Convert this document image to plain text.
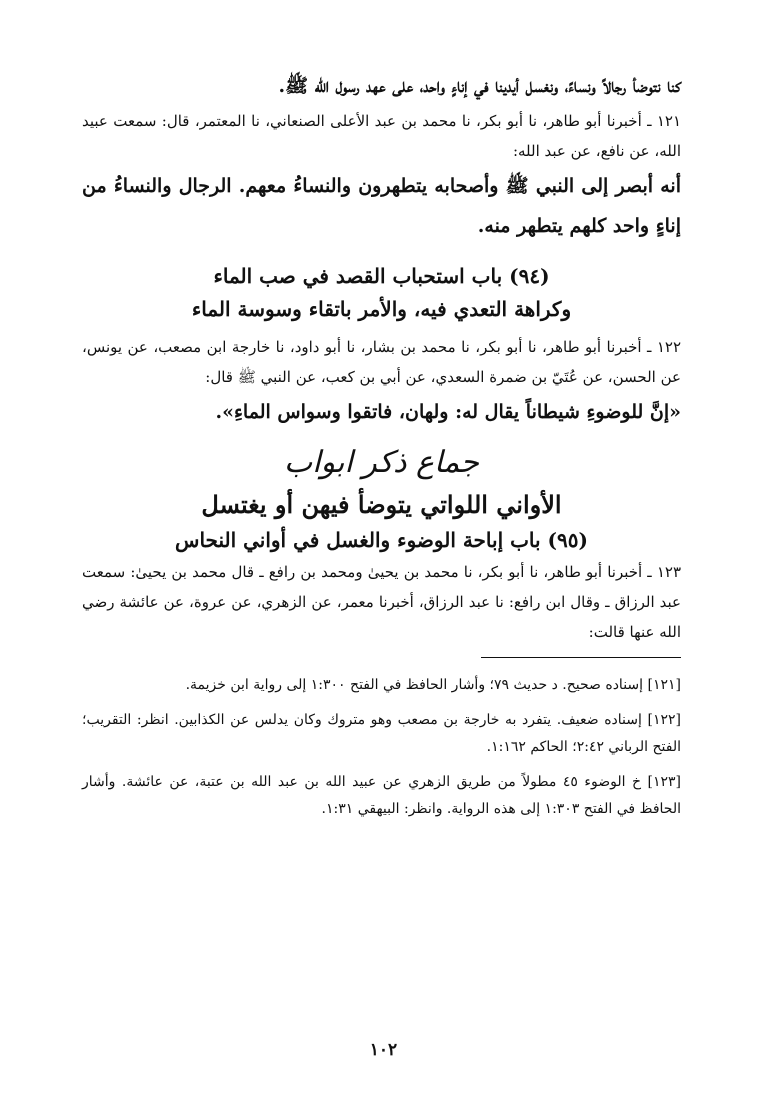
كنا نتوضأ رجالاً ونساءً، ونغسل أيدينا في إناءٍ واحد، على عهد رسول الله ﷺ.

١٢١ ـ أخبرنا أبو طاهر، نا أبو بكر، نا محمد بن عبد الأعلى الصنعاني، نا المعتمر، قال: سمعت عبيد الله، عن نافع، عن عبد الله:

أنه أبصر إلى النبي ﷺ وأصحابه يتطهرون والنساءُ معهم. الرجال والنساءُ من إناءٍ واحد كلهم يتطهر منه.

(٩٤) باب استحباب القصد في صب الماء

وكراهة التعدي فيه، والأمر باتقاء وسوسة الماء

١٢٢ ـ أخبرنا أبو طاهر، نا أبو بكر، نا محمد بن بشار، نا أبو داود، نا خارجة ابن مصعب، عن يونس، عن الحسن، عن عُتَيّ بن ضمرة السعدي، عن أبي بن كعب، عن النبي ﷺ قال:

«إنَّ للوضوءِ شيطاناً يقال له: ولهان، فاتقوا وسواس الماءِ».

جماع ذكر ابواب

الأواني اللواتي يتوضأ فيهن أو يغتسل

(٩٥) باب إباحة الوضوء والغسل في أواني النحاس

١٢٣ ـ أخبرنا أبو طاهر، نا أبو بكر، نا محمد بن يحيىٰ ومحمد بن رافع ـ قال محمد بن يحيىٰ: سمعت عبد الرزاق ـ وقال ابن رافع: نا عبد الرزاق، أخبرنا معمر، عن الزهري، عن عروة، عن عائشة رضي الله عنها قالت:

[١٢١] إسناده صحيح. د حديث ٧٩؛ وأشار الحافظ في الفتح ١:٣٠٠ إلى رواية ابن خزيمة.

[١٢٢] إسناده ضعيف. يتفرد به خارجة بن مصعب وهو متروك وكان يدلس عن الكذابين. انظر: التقريب؛ الفتح الرباني ٢:٤٢؛ الحاكم ١:١٦٢.

[١٢٣] خ الوضوء ٤٥ مطولاً من طريق الزهري عن عبيد الله بن عبد الله بن عتبة، عن عائشة. وأشار الحافظ في الفتح ١:٣٠٣ إلى هذه الرواية. وانظر: البيهقي ١:٣١.

١٠٢
